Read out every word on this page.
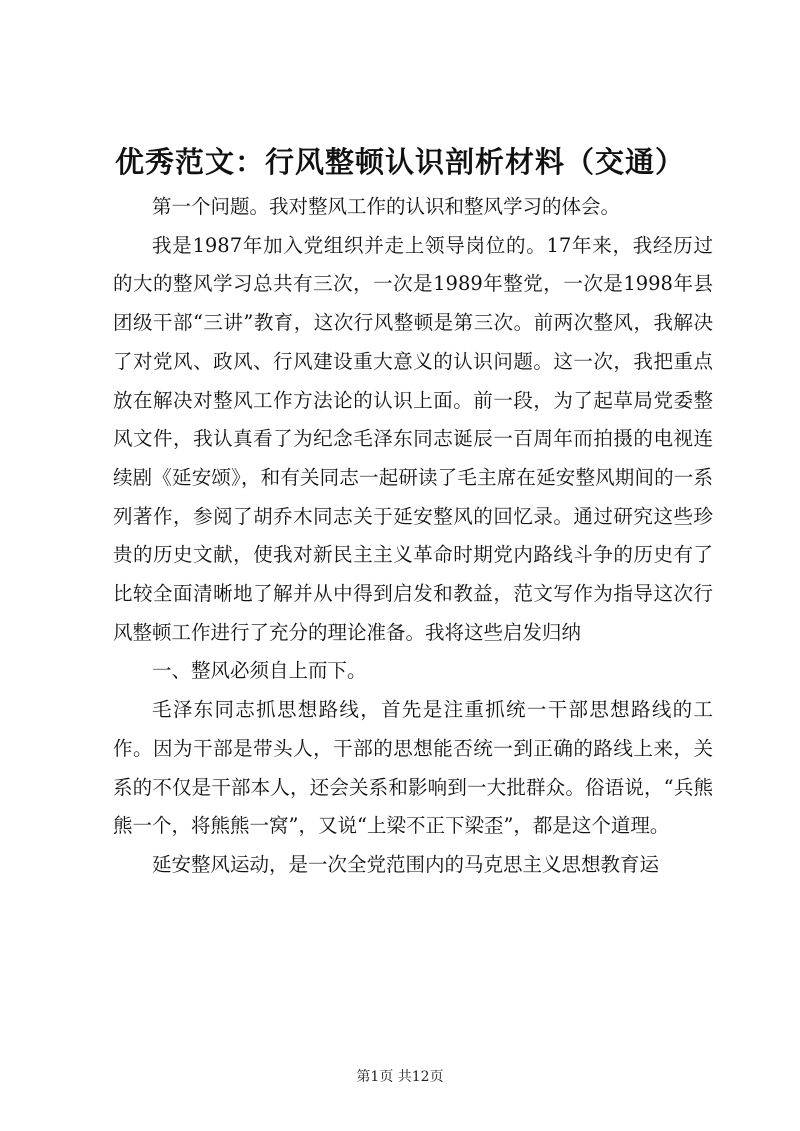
优秀范文：行风整顿认识剖析材料（交通）

第一个问题。我对整风工作的认识和整风学习的体会。

我是1987年加入党组织并走上领导岗位的。17年来，我经历过的大的整风学习总共有三次，一次是1989年整党，一次是1998年县团级干部“三讲”教育，这次行风整顿是第三次。前两次整风，我解决了对党风、政风、行风建设重大意义的认识问题。这一次，我把重点放在解决对整风工作方法论的认识上面。前一段，为了起草局党委整风文件，我认真看了为纪念毛泽东同志诞辰一百周年而拍摄的电视连续剧《延安颂》，和有关同志一起研读了毛主席在延安整风期间的一系列著作，参阅了胡乔木同志关于延安整风的回忆录。通过研究这些珍贵的历史文献，使我对新民主主义革命时期党内路线斗争的历史有了比较全面清晰地了解并从中得到启发和教益，范文写作为指导这次行风整顿工作进行了充分的理论准备。我将这些启发归纳

一、整风必须自上而下。

毛泽东同志抓思想路线，首先是注重抓统一干部思想路线的工作。因为干部是带头人，干部的思想能否统一到正确的路线上来，关系的不仅是干部本人，还会关系和影响到一大批群众。俗语说，“兵熊熊一个，将熊熊一窝”，又说“上梁不正下梁歪”，都是这个道理。

延安整风运动，是一次全党范围内的马克思主义思想教育运

第1页 共12页
